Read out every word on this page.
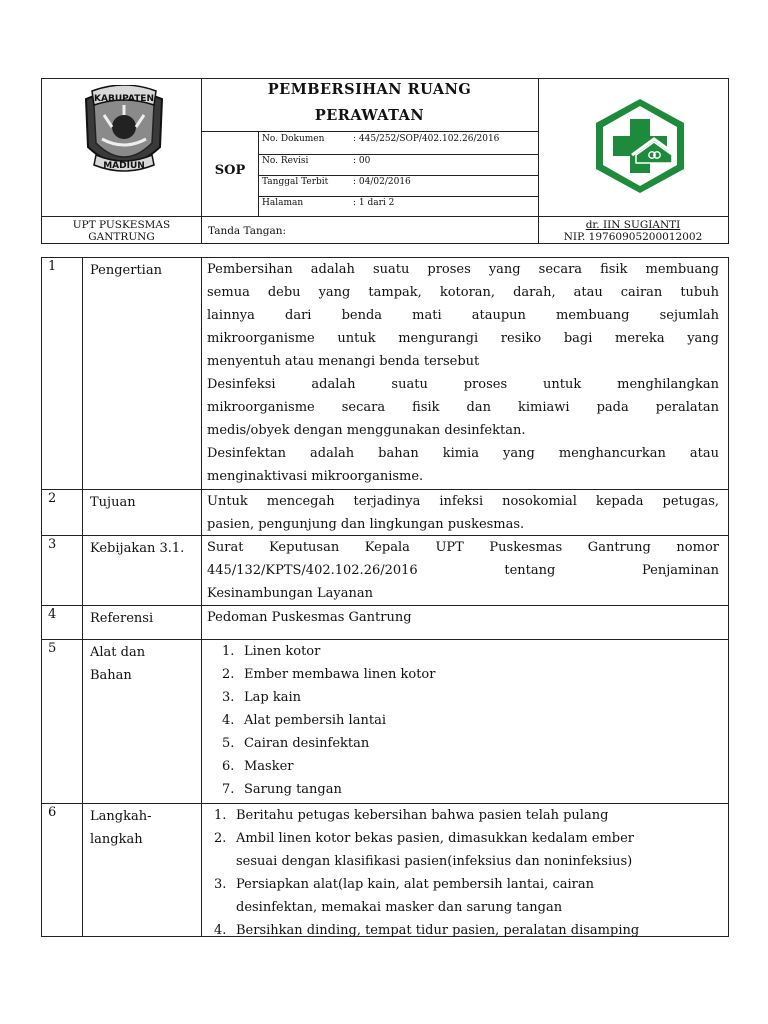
KABUPATEN
MADIUN
PEMBERSIHAN RUANG
PERAWATAN
SOP
No. Dokumen	: 445/252/SOP/402.102.26/2016
No. Revisi	: 00
Tanggal Terbit	: 04/02/2016
Halaman	: 1 dari 2
UPT PUSKESMAS
GANTRUNG	Tanda Tangan:	dr. IIN SUGIANTI
NIP. 19760905200012002
1	Pengertian	Pembersihan adalah suatu proses yang secara fisik membuang
semua debu yang tampak, kotoran, darah, atau cairan tubuh
lainnya dari benda mati ataupun membuang sejumlah
mikroorganisme untuk mengurangi resiko bagi mereka yang
menyentuh atau menangi benda tersebut
Desinfeksi adalah suatu proses untuk menghilangkan
mikroorganisme secara fisik dan kimiawi pada peralatan
medis/obyek dengan menggunakan desinfektan.
Desinfektan adalah bahan kimia yang menghancurkan atau
menginaktivasi mikroorganisme.
2	Tujuan	Untuk mencegah terjadinya infeksi nosokomial kepada petugas,
pasien, pengunjung dan lingkungan puskesmas.
3	Kebijakan 3.1.	Surat Keputusan Kepala UPT Puskesmas Gantrung nomor
445/132/KPTS/402.102.26/2016 tentang Penjaminan
Kesinambungan Layanan
4	Referensi	Pedoman Puskesmas Gantrung
5	Alat dan
Bahan
1. Linen kotor
2. Ember membawa linen kotor
3. Lap kain
4. Alat pembersih lantai
5. Cairan desinfektan
6. Masker
7. Sarung tangan
6	Langkah-
langkah
1. Beritahu petugas kebersihan bahwa pasien telah pulang
2. Ambil linen kotor bekas pasien, dimasukkan kedalam ember
sesuai dengan klasifikasi pasien(infeksius dan noninfeksius)
3. Persiapkan alat(lap kain, alat pembersih lantai, cairan
desinfektan, memakai masker dan sarung tangan
4. Bersihkan dinding, tempat tidur pasien, peralatan disamping
